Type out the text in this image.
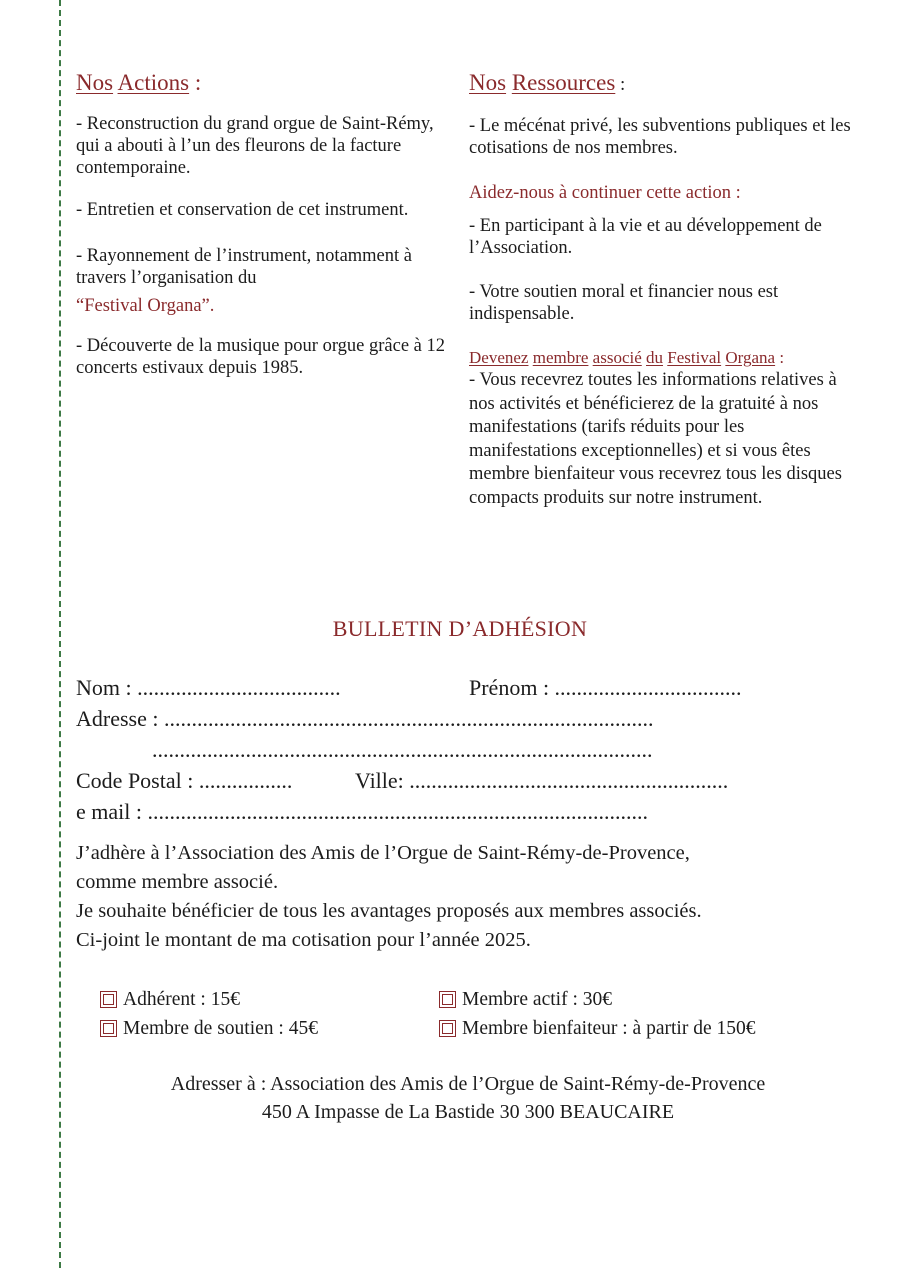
Nos Actions :

- Reconstruction du grand orgue de Saint-Rémy, qui a abouti à l’un des fleurons de la facture contemporaine.

- Entretien et conservation de cet instrument.

- Rayonnement de l’instrument, notamment à travers l’organisation du

“Festival Organa”.

- Découverte de la musique pour orgue grâce à 12 concerts estivaux depuis 1985.

Nos Ressources :

- Le mécénat privé, les subventions publiques et les cotisations de nos membres.

Aidez-nous à continuer cette action :

- En participant à la vie et au développement de l’Association.

- Votre soutien moral et financier nous est indispensable.

Devenez membre associé du Festival Organa :

- Vous recevrez toutes les informations relatives à nos activités et bénéficierez de la gratuité à nos manifestations (tarifs réduits pour les manifestations exceptionnelles) et si vous êtes membre bienfaiteur vous recevrez tous les disques compacts produits sur notre instrument.

BULLETIN D’ADHÉSION
Nom : .....................................	Prénom : ..................................
Adresse : .........................................................................................
...........................................................................................
Code Postal : .................	Ville: ..........................................................
e mail : ...........................................................................................
J’adhère à l’Association des Amis de l’Orgue de Saint-Rémy-de-Provence,
comme membre associé.
Je souhaite bénéficier de tous les avantages proposés aux membres associés.
Ci-joint le montant de ma cotisation pour l’année 2025.
Adhérent : 15€
Membre de soutien : 45€
Membre actif : 30€
Membre bienfaiteur : à partir de 150€
Adresser à : Association des Amis de l’Orgue de Saint-Rémy-de-Provence
450 A Impasse de La Bastide 30 300 BEAUCAIRE
